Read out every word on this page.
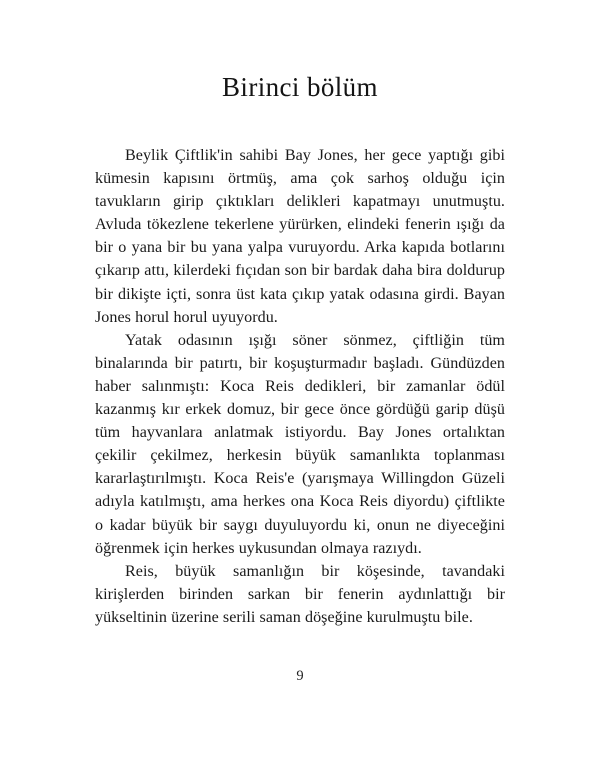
Birinci bölüm

Beylik Çiftlik'in sahibi Bay Jones, her gece yaptığı gibi kümesin kapısını örtmüş, ama çok sarhoş olduğu için tavukların girip çıktıkları delikleri kapatmayı unutmuştu. Avluda tökezlene tekerlene yürürken, elindeki fenerin ışığı da bir o yana bir bu yana yalpa vuruyordu. Arka kapıda botlarını çıkarıp attı, kilerdeki fıçıdan son bir bardak daha bira doldurup bir dikişte içti, sonra üst kata çıkıp yatak odasına girdi. Bayan Jones horul horul uyuyordu.

Yatak odasının ışığı söner sönmez, çiftliğin tüm binalarında bir patırtı, bir koşuşturmadır başladı. Gündüzden haber salınmıştı: Koca Reis dedikleri, bir zamanlar ödül kazanmış kır erkek domuz, bir gece önce gördüğü garip düşü tüm hayvanlara anlatmak istiyordu. Bay Jones ortalıktan çekilir çekilmez, herkesin büyük samanlıkta toplanması kararlaştırılmıştı. Koca Reis'e (yarışmaya Willingdon Güzeli adıyla katılmıştı, ama herkes ona Koca Reis diyordu) çiftlikte o kadar büyük bir saygı duyuluyordu ki, onun ne diyeceğini öğrenmek için herkes uykusundan olmaya razıydı.

Reis, büyük samanlığın bir köşesinde, tavandaki kirişlerden birinden sarkan bir fenerin aydınlattığı bir yükseltinin üzerine serili saman döşeğine kurulmuştu bile.

9
